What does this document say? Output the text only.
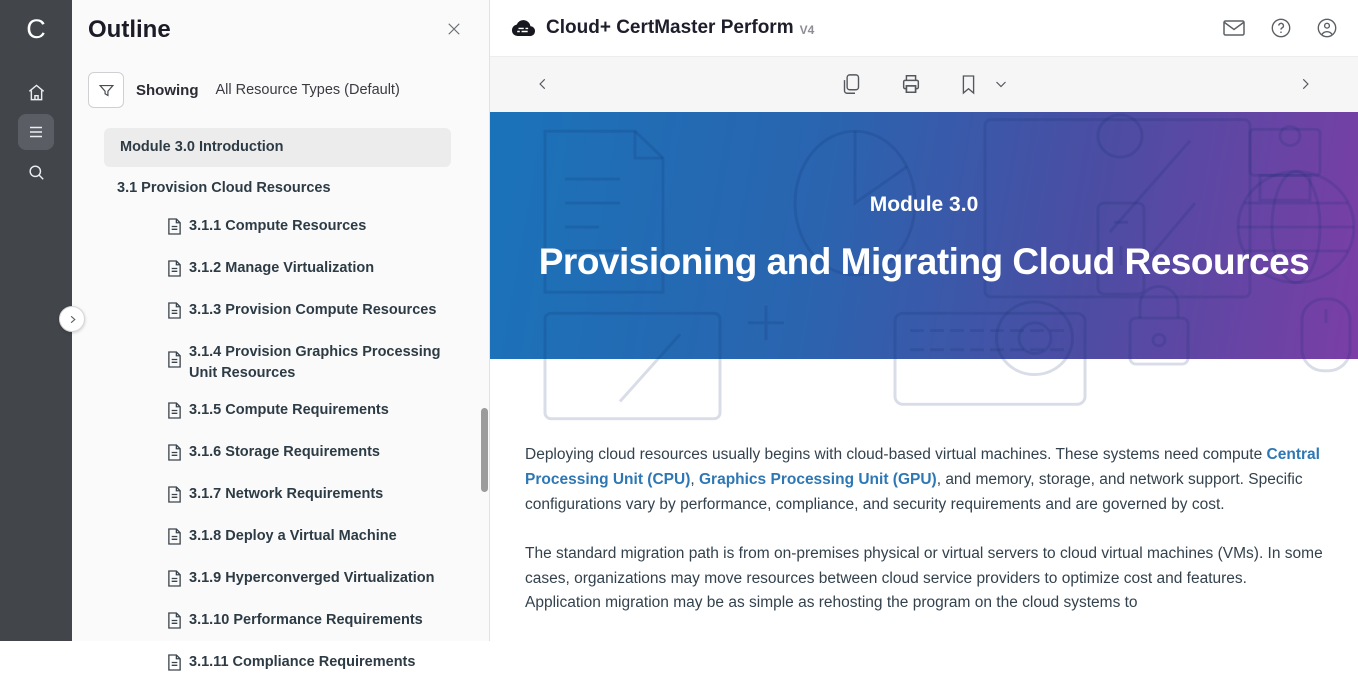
C Outline
Showing All Resource Types (Default)
Module 3.0 Introduction
3.1 Provision Cloud Resources
3.1.1 Compute Resources
3.1.2 Manage Virtualization
3.1.3 Provision Compute Resources
3.1.4 Provision Graphics Processing Unit Resources
3.1.5 Compute Requirements
3.1.6 Storage Requirements
3.1.7 Network Requirements
3.1.8 Deploy a Virtual Machine
3.1.9 Hyperconverged Virtualization
3.1.10 Performance Requirements
3.1.11 Compliance Requirements
Cloud+ CertMaster Perform V4
Module 3.0
Provisioning and Migrating Cloud Resources

Deploying cloud resources usually begins with cloud-based virtual machines. These systems need compute Central Processing Unit (CPU), Graphics Processing Unit (GPU), and memory, storage, and network support. Specific configurations vary by performance, compliance, and security requirements and are governed by cost.

The standard migration path is from on-premises physical or virtual servers to cloud virtual machines (VMs). In some cases, organizations may move resources between cloud service providers to optimize cost and features. Application migration may be as simple as rehosting the program on the cloud systems to
